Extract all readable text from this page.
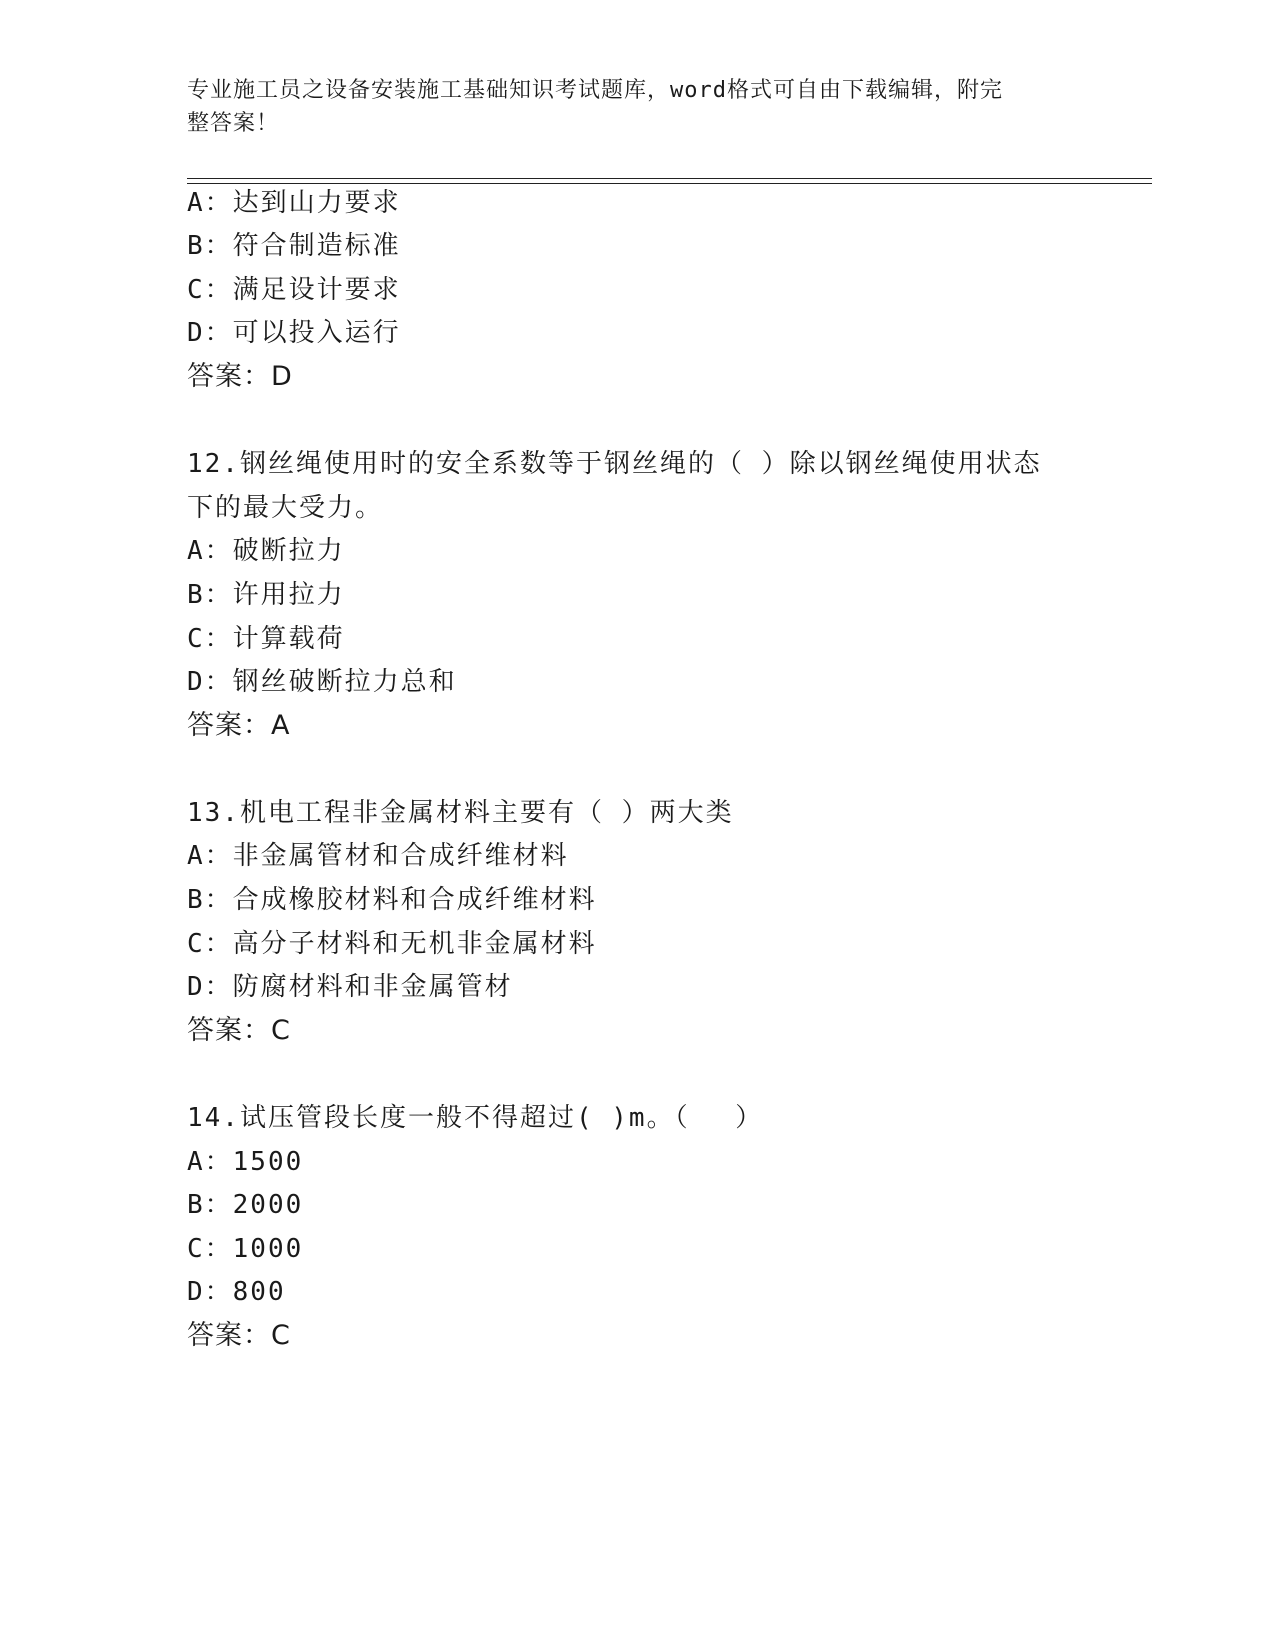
专业施工员之设备安装施工基础知识考试题库，word格式可自由下载编辑，附完
整答案！
A：达到山力要求
B：符合制造标准
C：满足设计要求
D：可以投入运行
答案：D
12.钢丝绳使用时的安全系数等于钢丝绳的（ ）除以钢丝绳使用状态
下的最大受力。
A：破断拉力
B：许用拉力
C：计算载荷
D：钢丝破断拉力总和
答案：A
13.机电工程非金属材料主要有（ ）两大类
A：非金属管材和合成纤维材料
B：合成橡胶材料和合成纤维材料
C：高分子材料和无机非金属材料
D：防腐材料和非金属管材
答案：C
14.试压管段长度一般不得超过( )m。（　 ）
A：1500
B：2000
C：1000
D：800
答案：C
